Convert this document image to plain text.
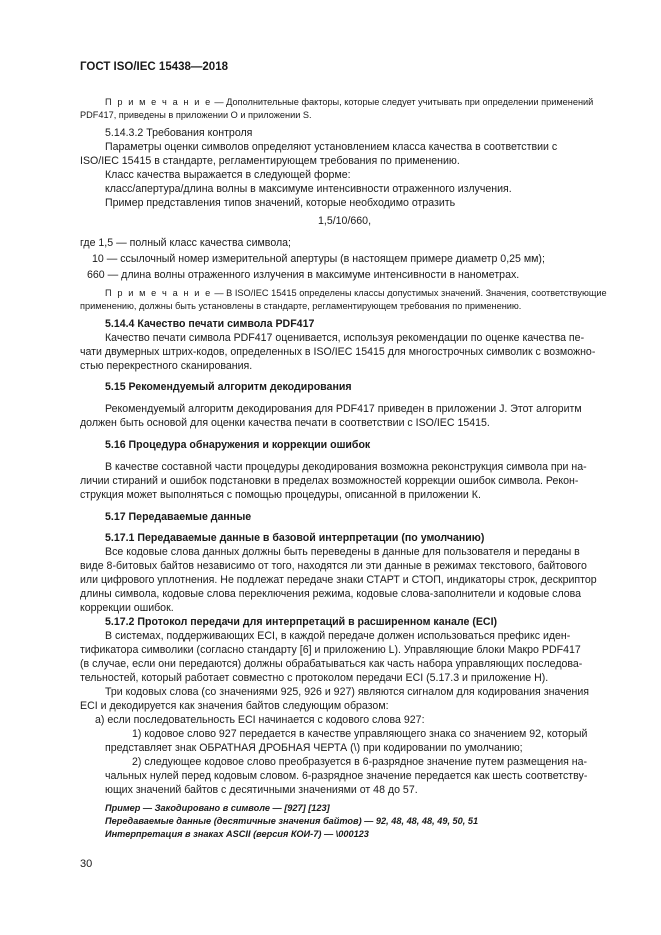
ГОСТ ISO/IEC 15438—2018
П р и м е ч а н и е — Дополнительные факторы, которые следует учитывать при определении применений
PDF417, приведены в приложении О и приложении S.
5.14.3.2 Требования контроля
Параметры оценки символов определяют установлением класса качества в соответствии с
ISO/IEC 15415 в стандарте, регламентирующем требования по применению.
Класс качества выражается в следующей форме:
класс/апертура/длина волны в максимуме интенсивности отраженного излучения.
Пример представления типов значений, которые необходимо отразить
1,5/10/660,
где 1,5 — полный класс качества символа;
10 — ссылочный номер измерительной апертуры (в настоящем примере диаметр 0,25 мм);
660 — длина волны отраженного излучения в максимуме интенсивности в нанометрах.
П р и м е ч а н и е — В ISO/IEC 15415 определены классы допустимых значений. Значения, соответствующие
применению, должны быть установлены в стандарте, регламентирующем требования по применению.
5.14.4 Качество печати символа PDF417
Качество печати символа PDF417 оценивается, используя рекомендации по оценке качества пе-
чати двумерных штрих-кодов, определенных в ISO/IEC 15415 для многострочных символик с возможно-
стью перекрестного сканирования.
5.15 Рекомендуемый алгоритм декодирования
Рекомендуемый алгоритм декодирования для PDF417 приведен в приложении J. Этот алгоритм
должен быть основой для оценки качества печати в соответствии с ISO/IEC 15415.
5.16 Процедура обнаружения и коррекции ошибок
В качестве составной части процедуры декодирования возможна реконструкция символа при на-
личии стираний и ошибок подстановки в пределах возможностей коррекции ошибок символа. Рекон-
струкция может выполняться с помощью процедуры, описанной в приложении К.
5.17 Передаваемые данные
5.17.1 Передаваемые данные в базовой интерпретации (по умолчанию)
Все кодовые слова данных должны быть переведены в данные для пользователя и переданы в
виде 8-битовых байтов независимо от того, находятся ли эти данные в режимах текстового, байтового
или цифрового уплотнения. Не подлежат передаче знаки СТАРТ и СТОП, индикаторы строк, дескриптор
длины символа, кодовые слова переключения режима, кодовые слова-заполнители и кодовые слова
коррекции ошибок.
5.17.2 Протокол передачи для интерпретаций в расширенном канале (ECI)
В системах, поддерживающих ECI, в каждой передаче должен использоваться префикс иден-
тификатора символики (согласно стандарту [6] и приложению L). Управляющие блоки Макро PDF417
(в случае, если они передаются) должны обрабатываться как часть набора управляющих последова-
тельностей, который работает совместно с протоколом передачи ECI (5.17.3 и приложение Н).
Три кодовых слова (со значениями 925, 926 и 927) являются сигналом для кодирования значения
ECI и декодируется как значения байтов следующим образом:
а) если последовательность ECI начинается с кодового слова 927:
1) кодовое слово 927 передается в качестве управляющего знака со значением 92, который
представляет знак ОБРАТНАЯ ДРОБНАЯ ЧЕРТА (\) при кодировании по умолчанию;
2) следующее кодовое слово преобразуется в 6-разрядное значение путем размещения на-
чальных нулей перед кодовым словом. 6-разрядное значение передается как шесть соответству-
ющих значений байтов с десятичными значениями от 48 до 57.
Пример — Закодировано в символе — [927] [123]
Передаваемые данные (десятичные значения байтов) — 92, 48, 48, 48, 49, 50, 51
Интерпретация в знаках ASCII (версия КОИ-7) — \000123
30
